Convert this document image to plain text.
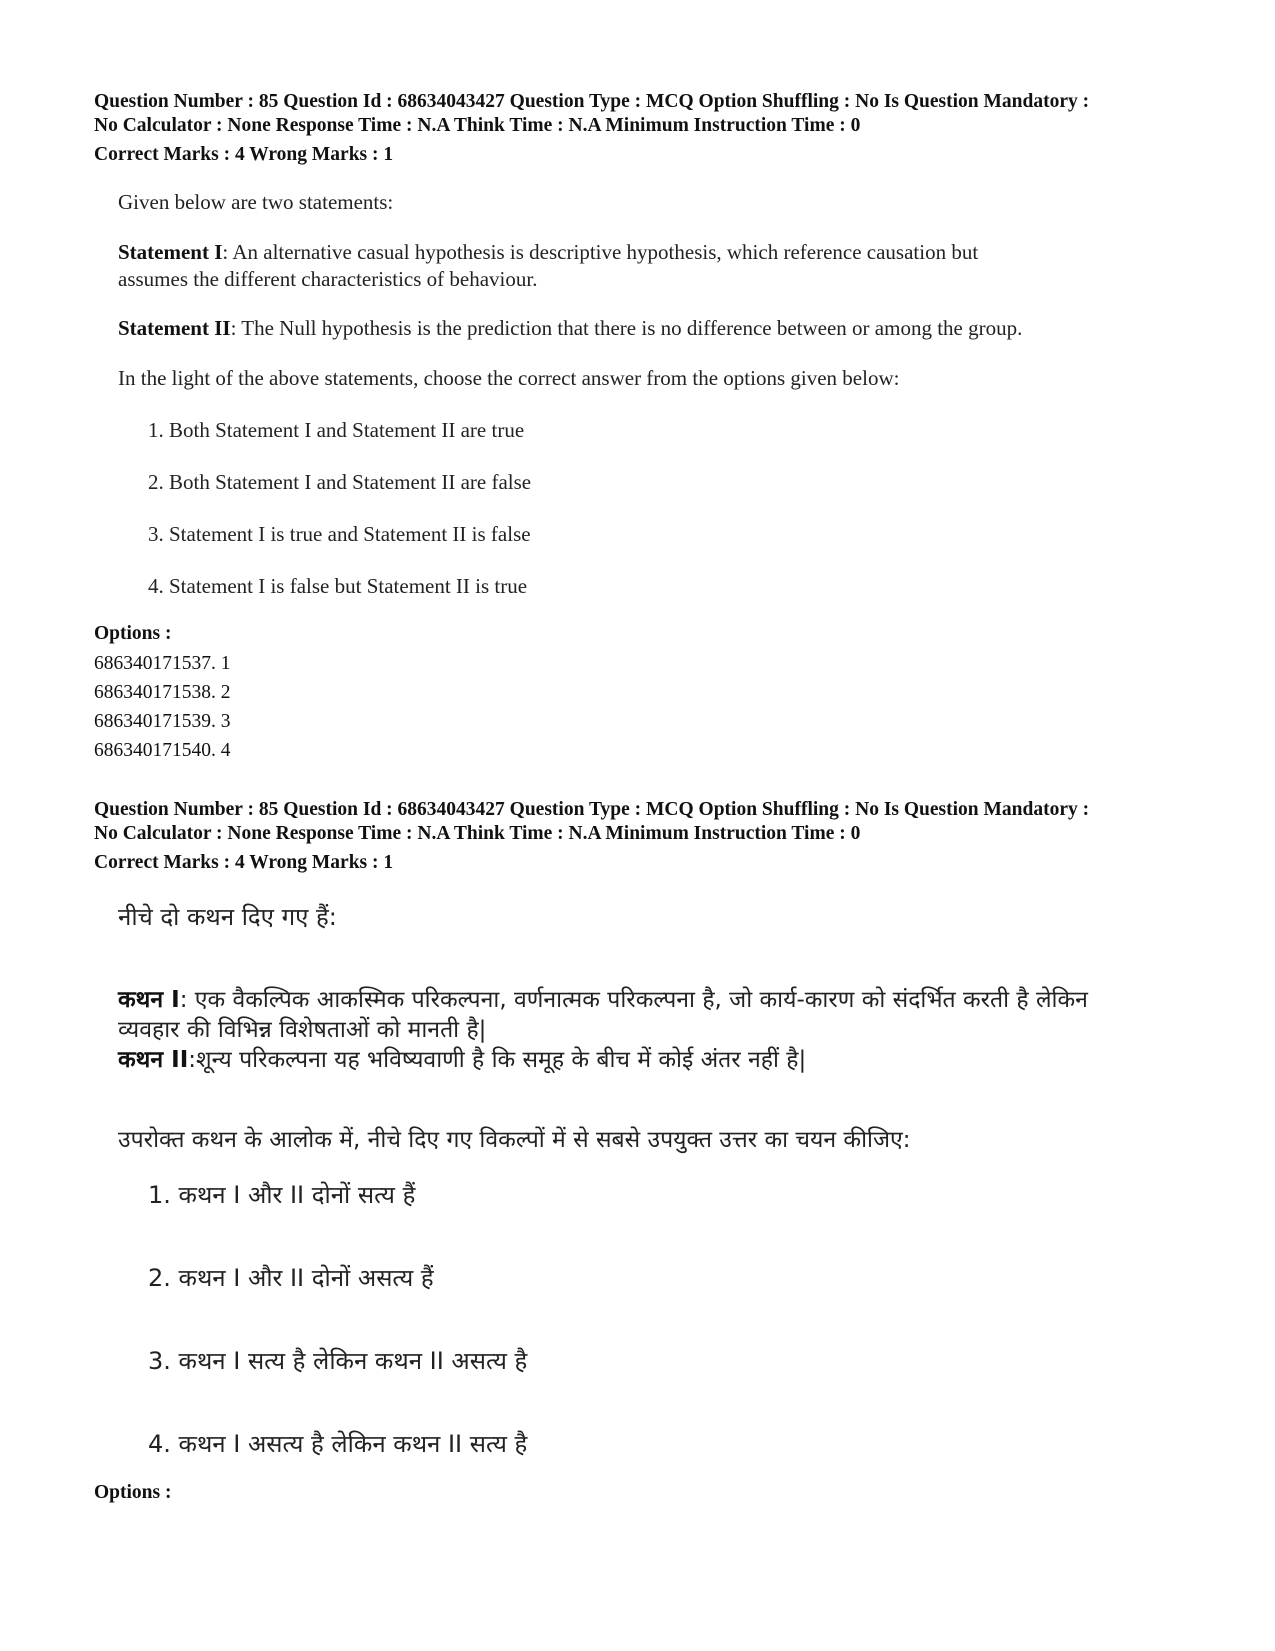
Question Number : 85 Question Id : 68634043427 Question Type : MCQ Option Shuffling : No Is Question Mandatory :
No Calculator : None Response Time : N.A Think Time : N.A Minimum Instruction Time : 0
Correct Marks : 4 Wrong Marks : 1

Given below are two statements:

Statement I: An alternative casual hypothesis is descriptive hypothesis, which reference causation but

assumes the different characteristics of behaviour.

Statement II: The Null hypothesis is the prediction that there is no difference between or among the group.

In the light of the above statements, choose the correct answer from the options given below:

1. Both Statement I and Statement II are true

2. Both Statement I and Statement II are false

3. Statement I is true and Statement II is false

4. Statement I is false but Statement II is true

Options :
686340171537. 1
686340171538. 2
686340171539. 3
686340171540. 4
Question Number : 85 Question Id : 68634043427 Question Type : MCQ Option Shuffling : No Is Question Mandatory :
No Calculator : None Response Time : N.A Think Time : N.A Minimum Instruction Time : 0
Correct Marks : 4 Wrong Marks : 1
नीचे दो कथन दिए गए हैं:
कथन I: एक वैकल्पिक आकस्मिक परिकल्पना, वर्णनात्मक परिकल्पना है, जो कार्य-कारण को संदर्भित करती है लेकिन
व्यवहार की विभिन्न विशेषताओं को मानती है|
कथन II:शून्य परिकल्पना यह भविष्यवाणी है कि समूह के बीच में कोई अंतर नहीं है|
उपरोक्त कथन के आलोक में, नीचे दिए गए विकल्पों में से सबसे उपयुक्त उत्तर का चयन कीजिए:
1. कथन I और II दोनों सत्य हैं
2. कथन I और II दोनों असत्य हैं
3. कथन I सत्य है लेकिन कथन II असत्य है
4. कथन I असत्य है लेकिन कथन II सत्य है
Options :
